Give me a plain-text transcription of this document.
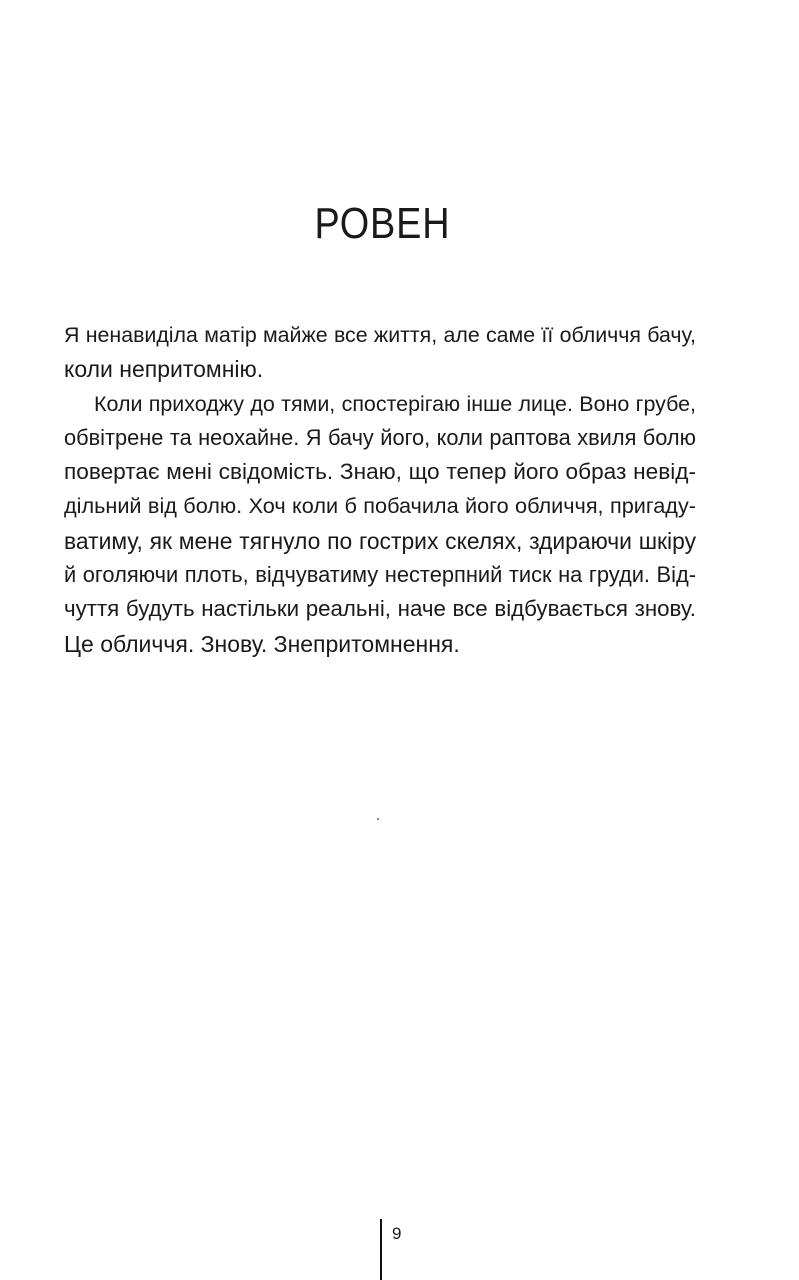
РОВЕН
Я ненавиділа матір майже все життя, але саме її обличчя бачу,
коли непритомнію.
Коли приходжу до тями, спостерігаю інше лице. Воно грубе,
обвітрене та неохайне. Я бачу його, коли раптова хвиля болю
повертає мені свідомість. Знаю, що тепер його образ невід-
дільний від болю. Хоч коли б побачила його обличчя, пригаду-
ватиму, як мене тягнуло по гострих скелях, здираючи шкіру
й оголяючи плоть, відчуватиму нестерпний тиск на груди. Від-
чуття будуть настільки реальні, наче все відбувається знову.
Це обличчя. Знову. Знепритомнення.
9
